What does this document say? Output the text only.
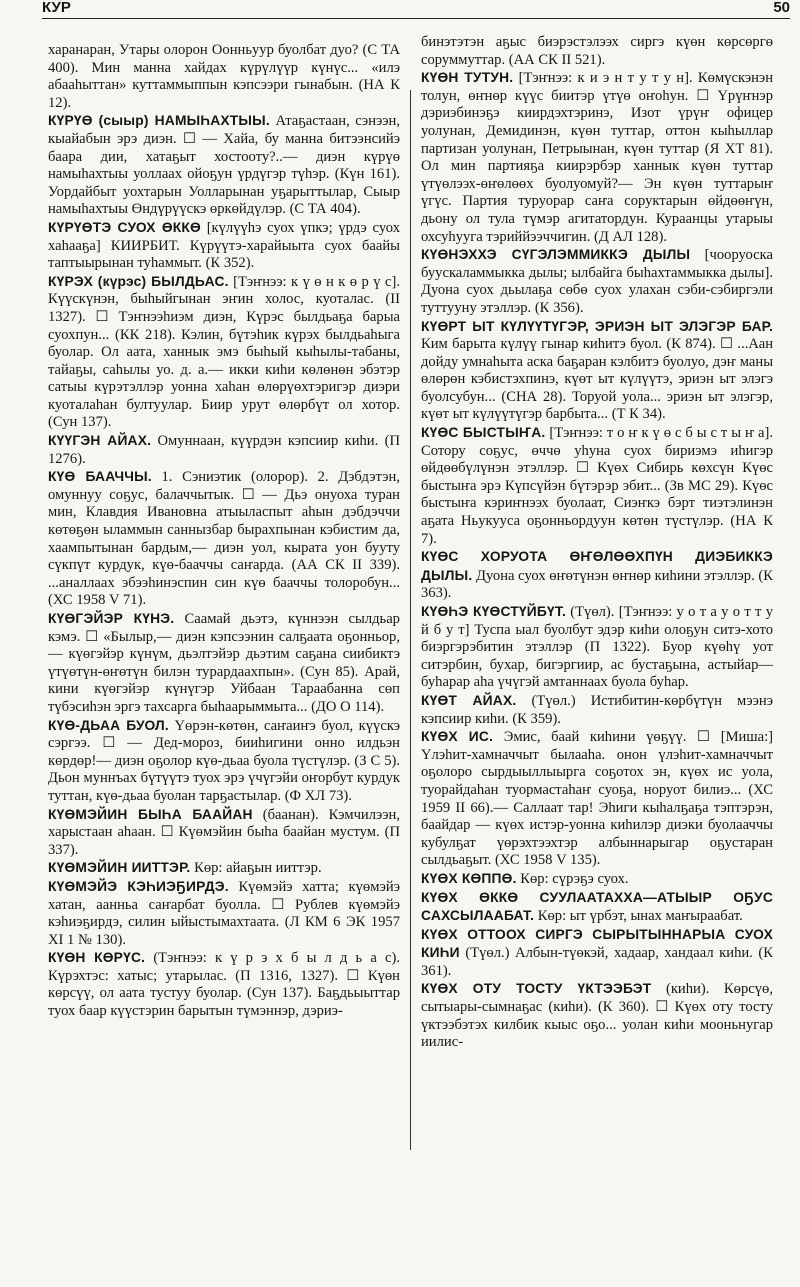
КУР	50

харанаран, Утары олорон Оонньуур буолбат дуо? (С ТА 400). Мин манна хайдах күрүлүүр күнүс... «илэ абааhыттан» куттаммыппын кэпсээри гынабын. (НА К 12).

КҮРҮӨ (сыыр) НАМЫҺАХТЫЫ. Атаҕастаан, сэнээн, кыайабын эрэ диэн. ☐ — Хайа, бу манна битээнсийэ баара дии, хатаҕыт хостооту?..— диэн күрүө намыhахтыы уоллаах ойоҕун үрдүгэр түhэр. (Күн 161). Уордайбыт уохтарын Уолларынан уҕарыттылар, Сыыр намыhахтыы Өндүрүүскэ өркөйдүлэр. (С ТА 404).

КҮРҮӨТЭ СУОХ ӨККӨ [күлүүhэ суох үпкэ; үрдэ суох хаhааҕа] КИИРБИТ. Күрүүтэ-харайыыта суох баайы таптыырынан туhаммыт. (К 352).

КҮРЭХ (күрэс) БЫЛДЬАС. [Тэҥнээ: к ү ө н к ө р ү с]. Күүскүнэн, быhыйгынан эҥин холос, куоталас. (II 1327). ☐ Тэҥнээhиэм диэн, Күрэс былдьаҕа барыа суохпун... (КК 218). Кэлин, бүтэhик күрэх былдьаhыга буолар. Ол аата, ханнык эмэ быhый кыһылы-табаны, тайаҕы, саhылы уо. д. а.— икки киhи көлөнөн эбэтэр сатыы күрэтэллэр уонна хаhан өлөрүөхтэригэр диэри куоталаhан бултуулар. Биир урут өлөрбүт ол хотор. (Сун 137).

КҮҮГЭН АЙАХ. Омуннаан, күүрдэн кэпсиир киhи. (П 1276).

КҮӨ БААЧЧЫ. 1. Сэниэтик (олорор). 2. Дэбдэтэн, омуннуу соҕус, балаччытык. ☐ — Дьэ онуоха туран мин, Клавдия Ивановна атыыласпыт аhын дэбдэччи көтөҕөн ыламмын саннызбар бырахпынан кэбистим да, хаампытынан бардым,— диэн уол, кырата уон бууту сүкпүт курдук, күө-бааччы саҥарда. (АА СК II 339). ...аналлаах эбээhинэспин син күө бааччы толоробун... (ХС 1958 V 71).

КҮӨГЭЙЭР КҮНЭ. Саамай дьэтэ, күннээн сылдьар кэмэ. ☐ «Былыр,— диэн кэпсээнин салҕаата оҕонньор,— күөгэйэр күнүм, дьэлтэйэр дьэтим саҕана сиибиктэ үтүөтүн-өҥөтүн билэн турардаахпын». (Сун 85). Арай, кини күөгэйэр күнүгэр Уйбаан Тараабанна сөп түбэсиhэн эргэ тахсарга быhаарыммыта... (ДО О 114).

КҮӨ-ДЬАА БУОЛ. Үөрэн-көтөн, саҥаиҥэ буол, күүскэ сэргээ. ☐ — Дед-мороз, бииhигини онно илдьэн көрдөр!— диэн оҕолор күө-дьаа буола түстүлэр. (З С 5). Дьон муннъах бүтүүтэ туох эрэ үчүгэйи оҥорбут курдук туттан, күө-дьаа буолан тарҕастылар. (Ф ХЛ 73).

КҮӨМЭЙИН БЫҺА БААЙАН (баанан). Кэмчилээн, харыстаан аhаан. ☐ Күөмэйин быhа баайан мустум. (П 337).

КҮӨМЭЙИН ИИТТЭР. Көр: айаҕын ииттэр.

КҮӨМЭЙЭ КЭҺИЭҔИРДЭ. Күөмэйэ хатта; күөмэйэ хатан, аанньа саҥарбат буолла. ☐ Рублев күөмэйэ кэhиэҕирдэ, силин ыйыстымахтаата. (Л КМ 6 ЭК 1957 XI 1 № 130).

КҮӨН КӨРҮС. (Тэҥнээ: к ү р э х б ы л д ь а с). Күрэхтэс: хатыс; утарылас. (П 1316, 1327). ☐ Күөн көрсүү, ол аата тустуу буолар. (Сун 137). Баҕдьыыттар туох баар күүстэрин барытын түмэннэр, дэриэ-

бинэтэтэн аҕыс биэрэстэлээх сиргэ күөн көрсөргө соруммуттар. (АА СК II 521).

КҮӨН ТУТУН. [Тэҥнээ: к и э н т у т у н]. Көмүскэнэн толун, өҥнөр күүс биитэр үтүө оҥоhун. ☐ Үрүҥнэр дэриэбинэҕэ киирдэхтэринэ, Изот үрүҥ офицер уолунан, Демидинэн, күөн туттар, оттон кыhыллар партизан уолунан, Петрыынан, күөн туттар (Я ХТ 81). Ол мин партияҕа киирэрбэр ханнык күөн туттар үтүөлээх-өҥөлөөх буолуомуй?— Эн күөн туттарыҥ үгүс. Партия туруорар саҥа соруктарын өйдөөҥүн, дьону ол тула түмэр агитатордун. Кураанцы утарыы охсуhууга тэриййээччигин. (Д АЛ 128).

КҮӨНЭХХЭ СҮГЭЛЭММИККЭ ДЫЛЫ [чооруоска буускаламмыкка дылы; ылбайга быhахтаммыкка дылы]. Дуона суох дьылаҕа сөбө суох улахан сэби-сэбиргэли туттууну этэллэр. (К 356).

КҮӨРТ ЫТ КҮЛҮҮТҮГЭР, ЭРИЭН ЫТ ЭЛЭГЭР БАР. Ким барыта күлүү гынар киhитэ буол. (К 874). ☐ ...Аан дойду умнаhыта аска баҕаран кэлбитэ буолуо, дэҥ маны өлөрөн кэбистэхпинэ, күөт ыт күлүүтэ, эриэн ыт элэгэ буолсубун... (СНА 28). Торуой уола... эриэн ыт элэгэр, күөт ыт күлүүтүгэр барбыта... (Т К 34).

КҮӨС БЫСТЫҤА. [Тэҥнээ: т о ҥ к ү ө с б ы с т ы ҥ а]. Сотору соҕус, өччө уhуна суох бириэмэ иhигэр өйдөөбүлүнэн этэллэр. ☐ Күөх Сибирь көхсүн Күөс быстыҥа эрэ Күпсүйэн бүтэрэр эбит... (Зв МС 29). Күөс быстыҥа кэриҥнээх буолаат, Сиэҥкэ бэрт тиэтэлинэн аҕата Ньукууса оҕонньордуун көтөн түстүлэр. (НА К 7).

КҮӨС ХОРУОТА ӨҤӨЛӨӨХПҮН ДИЭБИККЭ ДЫЛЫ. Дуона суох өҥөтүнэн өҥнөр киhини этэллэр. (К 363).

КҮӨҺЭ КҮӨСТҮЙБҮТ. (Түөл). [Тэҥнээ: у о т а у о т т у й б у т] Туспа ыал буолбут эдэр киhи олоҕун ситэ-хото биэргэрэбитин этэллэр (П 1322). Буор күөhү уот ситэрбин, бухар, бигэргиир, ас бустаҕына, астыйар—буhарар аhа үчүгэй амтаннаах буола буhар.

КҮӨТ АЙАХ. (Түөл.) Истибитин-көрбүтүн мээнэ кэпсиир киhи. (К 359).

КҮӨХ ИС. Эмис, баай киhини үөҕүү. ☐ [Миша:] Үлэhит-хамначчыт былааhа. онон үлэhит-хамначчыт оҕолоро сырдыыллыырга соҕотох эн, күөх ис уола, туорайдаhан туормастаhаҥ суоҕа, норуот билиэ... (ХС 1959 II 66).— Саллаат тар! Эhиги кыhалҕаҕа тэптэрэн, баайдар — күөх истэр-уонна киhилэр диэки буолааччы кубулҕат үөрэхтээхтэр албыннарыгар оҕустаран сылдьаҕыт. (ХС 1958 V 135).

КҮӨХ КӨППӨ. Көр: сүрэҕэ суох.

КҮӨХ ӨККӨ СУУЛААТАХХА—АТЫЫР ОҔУС САХСЫЛААБАТ. Көр: ыт үрбэт, ынах маҥыраабат.

КҮӨХ ОТТООХ СИРГЭ СЫРЫТЫННАРЫА СУОХ КИҺИ (Түөл.) Албын-түөкэй, хадаар, хандаал киhи. (К 361).

КҮӨХ ОТУ ТОСТУ ҮКТЭЭБЭТ (киhи). Көрсүө, сытыары-сымнаҕас (киhи). (К 360). ☐ Күөх оту тосту үктээбэтэх килбик кыыс оҕо... уолан киhи мооньнугар иилис-
